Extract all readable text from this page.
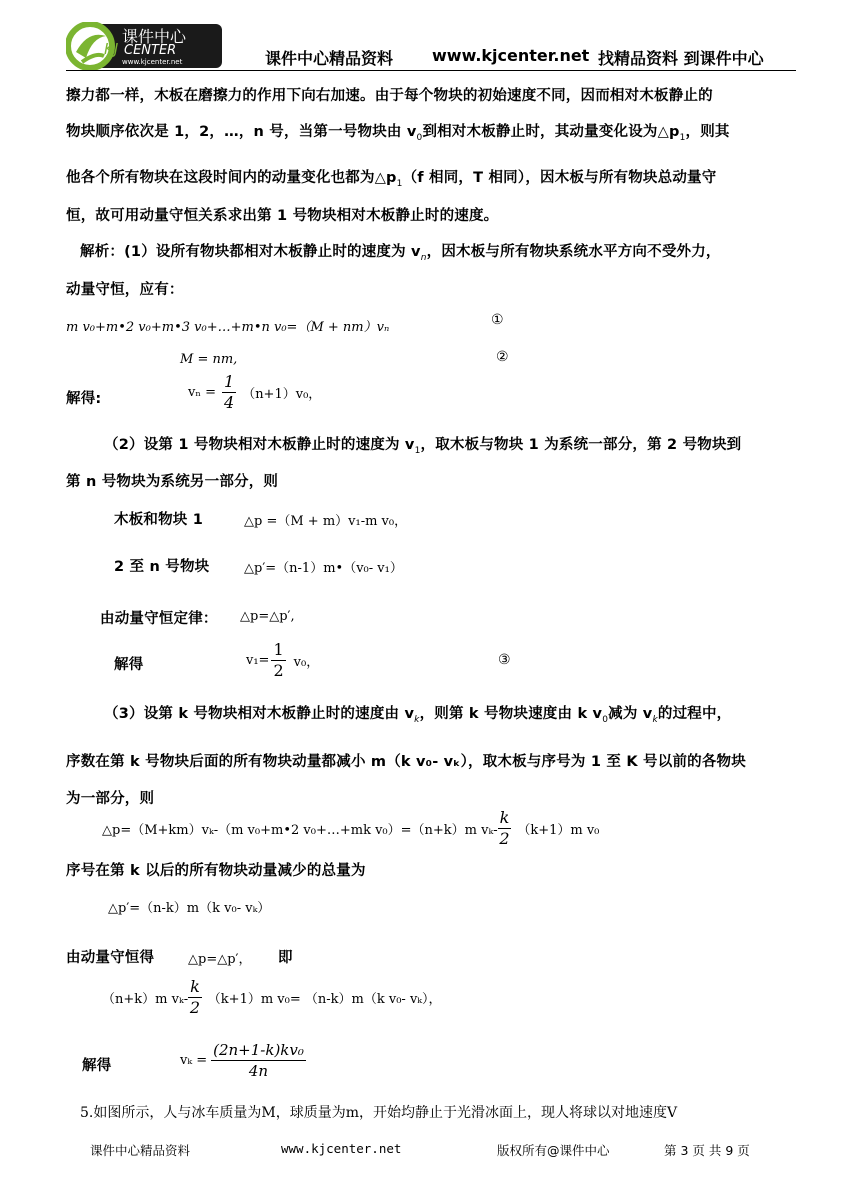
课件中心
KJ CENTER
www.kjcenter.net	课件中心精品资料 www.kjcenter.net 找精品资料 到课件中心
擦力都一样，木板在磨擦力的作用下向右加速。由于每个物块的初始速度不同，因而相对木板静止的
物块顺序依次是 1，2，…，n 号，当第一号物块由 $v_0$到相对木板静止时，其动量变化设为$\triangle p_1$，则其
他各个所有物块在这段时间内的动量变化也都为$\triangle p_1(f$ 相同，T 相同），因木板与所有物块总动量守
恒，故可用动量守恒关系求出第 1 号物块相对木板静止时的速度。
解析：(1）设所有物块都相对木板静止时的速度为 $v_n$，因木板与所有物块系统水平方向不受外力，
动量守恒，应有：
m v₀+m•2 v₀+m•3 v₀+…+m•n v₀=（M + nm）vₙ	①
M = nm,	②
解得:	$v_n = \frac{1}{4} (n+1)v_0$，
（2）设第 1 号物块相对木板静止时的速度为 $v_1$，取木板与物块 1 为系统一部分，第 2 号物块到
第 n 号物块为系统另一部分，则
木板和物块 1	△p =（M + m）v₁-m v₀，
2 至 n 号物块	△p′=（n-1）m•（v₀- v₁）
由动量守恒定律： △p=△p′,
解得	$v_1= \frac{1}{2} v_0$，	③
（3）设第 k 号物块相对木板静止时的速度由 $v_k$，则第 k 号物块速度由 k $v_0$减为 $v_k$的过程中，
序数在第 k 号物块后面的所有物块动量都减小 m（k v₀- vₖ），取木板与序号为 1 至 K 号以前的各物块
为一部分，则
△p=（M+km）vₖ-（m v₀+m•2 v₀+…+mk v₀）=（n+k）m $v_k- \frac{k}{2} (k+1)m$ v₀
序号在第 k 以后的所有物块动量减少的总量为
△p′=（n-k）m（k v₀- vₖ）
由动量守恒得	△p=△p′， 即
（n+k）m $v_k- \frac{k}{2} (k+1)m$ v₀= （n-k）m（k v₀- vₖ），
解得	$v_k = \frac{\text{(2n+1-k)kv₀}}{4n}$
5.如图所示，人与冰车质量为M，球质量为m，开始均静止于光滑冰面上，现人将球以对地速度V
课件中心精品资料	www.kjcenter.net	版权所有@课件中心	第 3 页 共 9 页
